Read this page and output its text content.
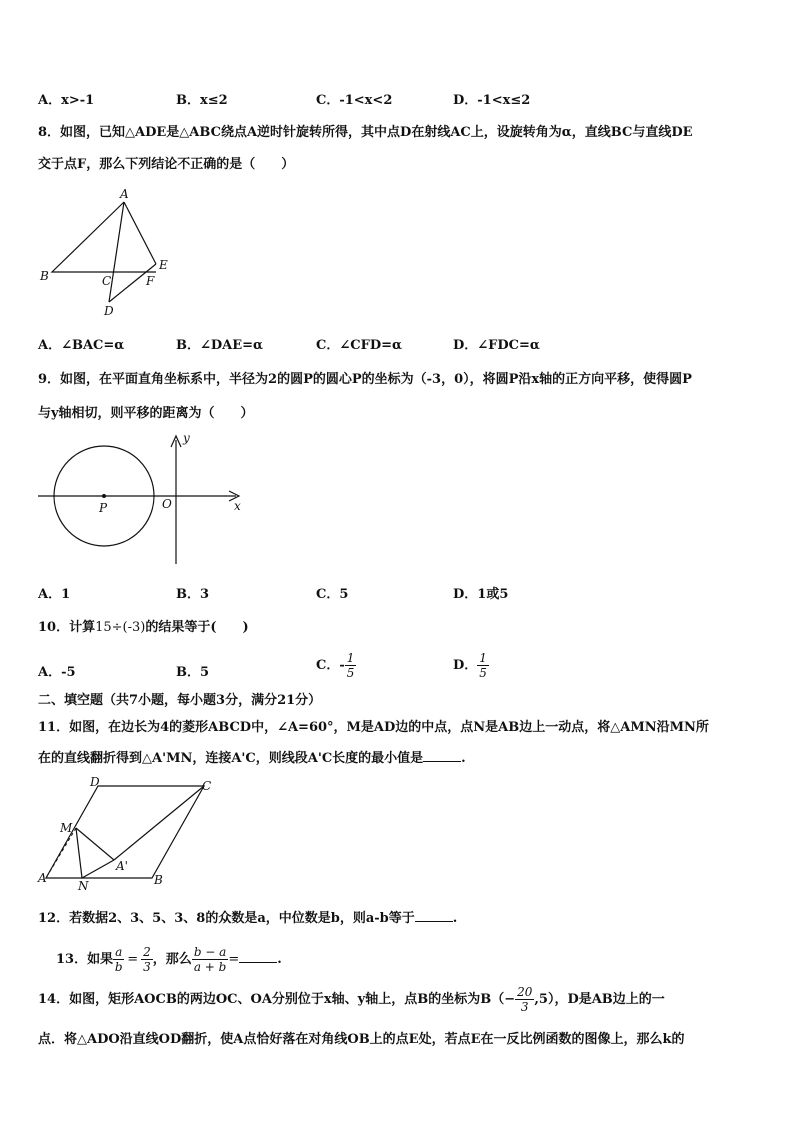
A．x>-1	B．x≤2	C．-1<x<2	D．-1<x≤2
8．如图，已知△ADE是△ABC绕点A逆时针旋转所得，其中点D在射线AC上，设旋转角为α，直线BC与直线DE
交于点F，那么下列结论不正确的是（　　）
A
B	C
D
E
F
A．∠BAC=α	B．∠DAE=α	C．∠CFD=α	D．∠FDC=α
9．如图，在平面直角坐标系中，半径为2的圆P的圆心P的坐标为（-3，0），将圆P沿x轴的正方向平移，使得圆P
与y轴相切，则平移的距离为（　　）
y
x
O
P
A．1	B．3	C．5	D．1或5
10．计算15÷(-3)的结果等于(　　)
A．-5	B．5	C．- $\frac{1}{5}$	D． $\frac{1}{5}$
二、填空题（共7小题，每小题3分，满分21分）
11．如图，在边长为4的菱形ABCD中，∠A=60°，M是AD边的中点，点N是AB边上一动点，将△AMN沿MN所
在的直线翻折得到△A'MN，连接A'C，则线段A'C长度的最小值是	.
D	C
M
A'
A
N	B
12．若数据2、3、5、3、8的众数是a，中位数是b，则a-b等于	.
13．如果 $\frac{a}{b} = \frac{2}{3}$ ，那么 $\frac{b - a}{a + b}$ =	.
14．如图，矩形AOCB的两边OC、OA分别位于x轴、y轴上，点B的坐标为$B(- \frac{20}{3} ,5)$，D是AB边上的一
点．将△ADO沿直线OD翻折，使A点恰好落在对角线OB上的点E处，若点E在一反比例函数的图像上，那么k的
